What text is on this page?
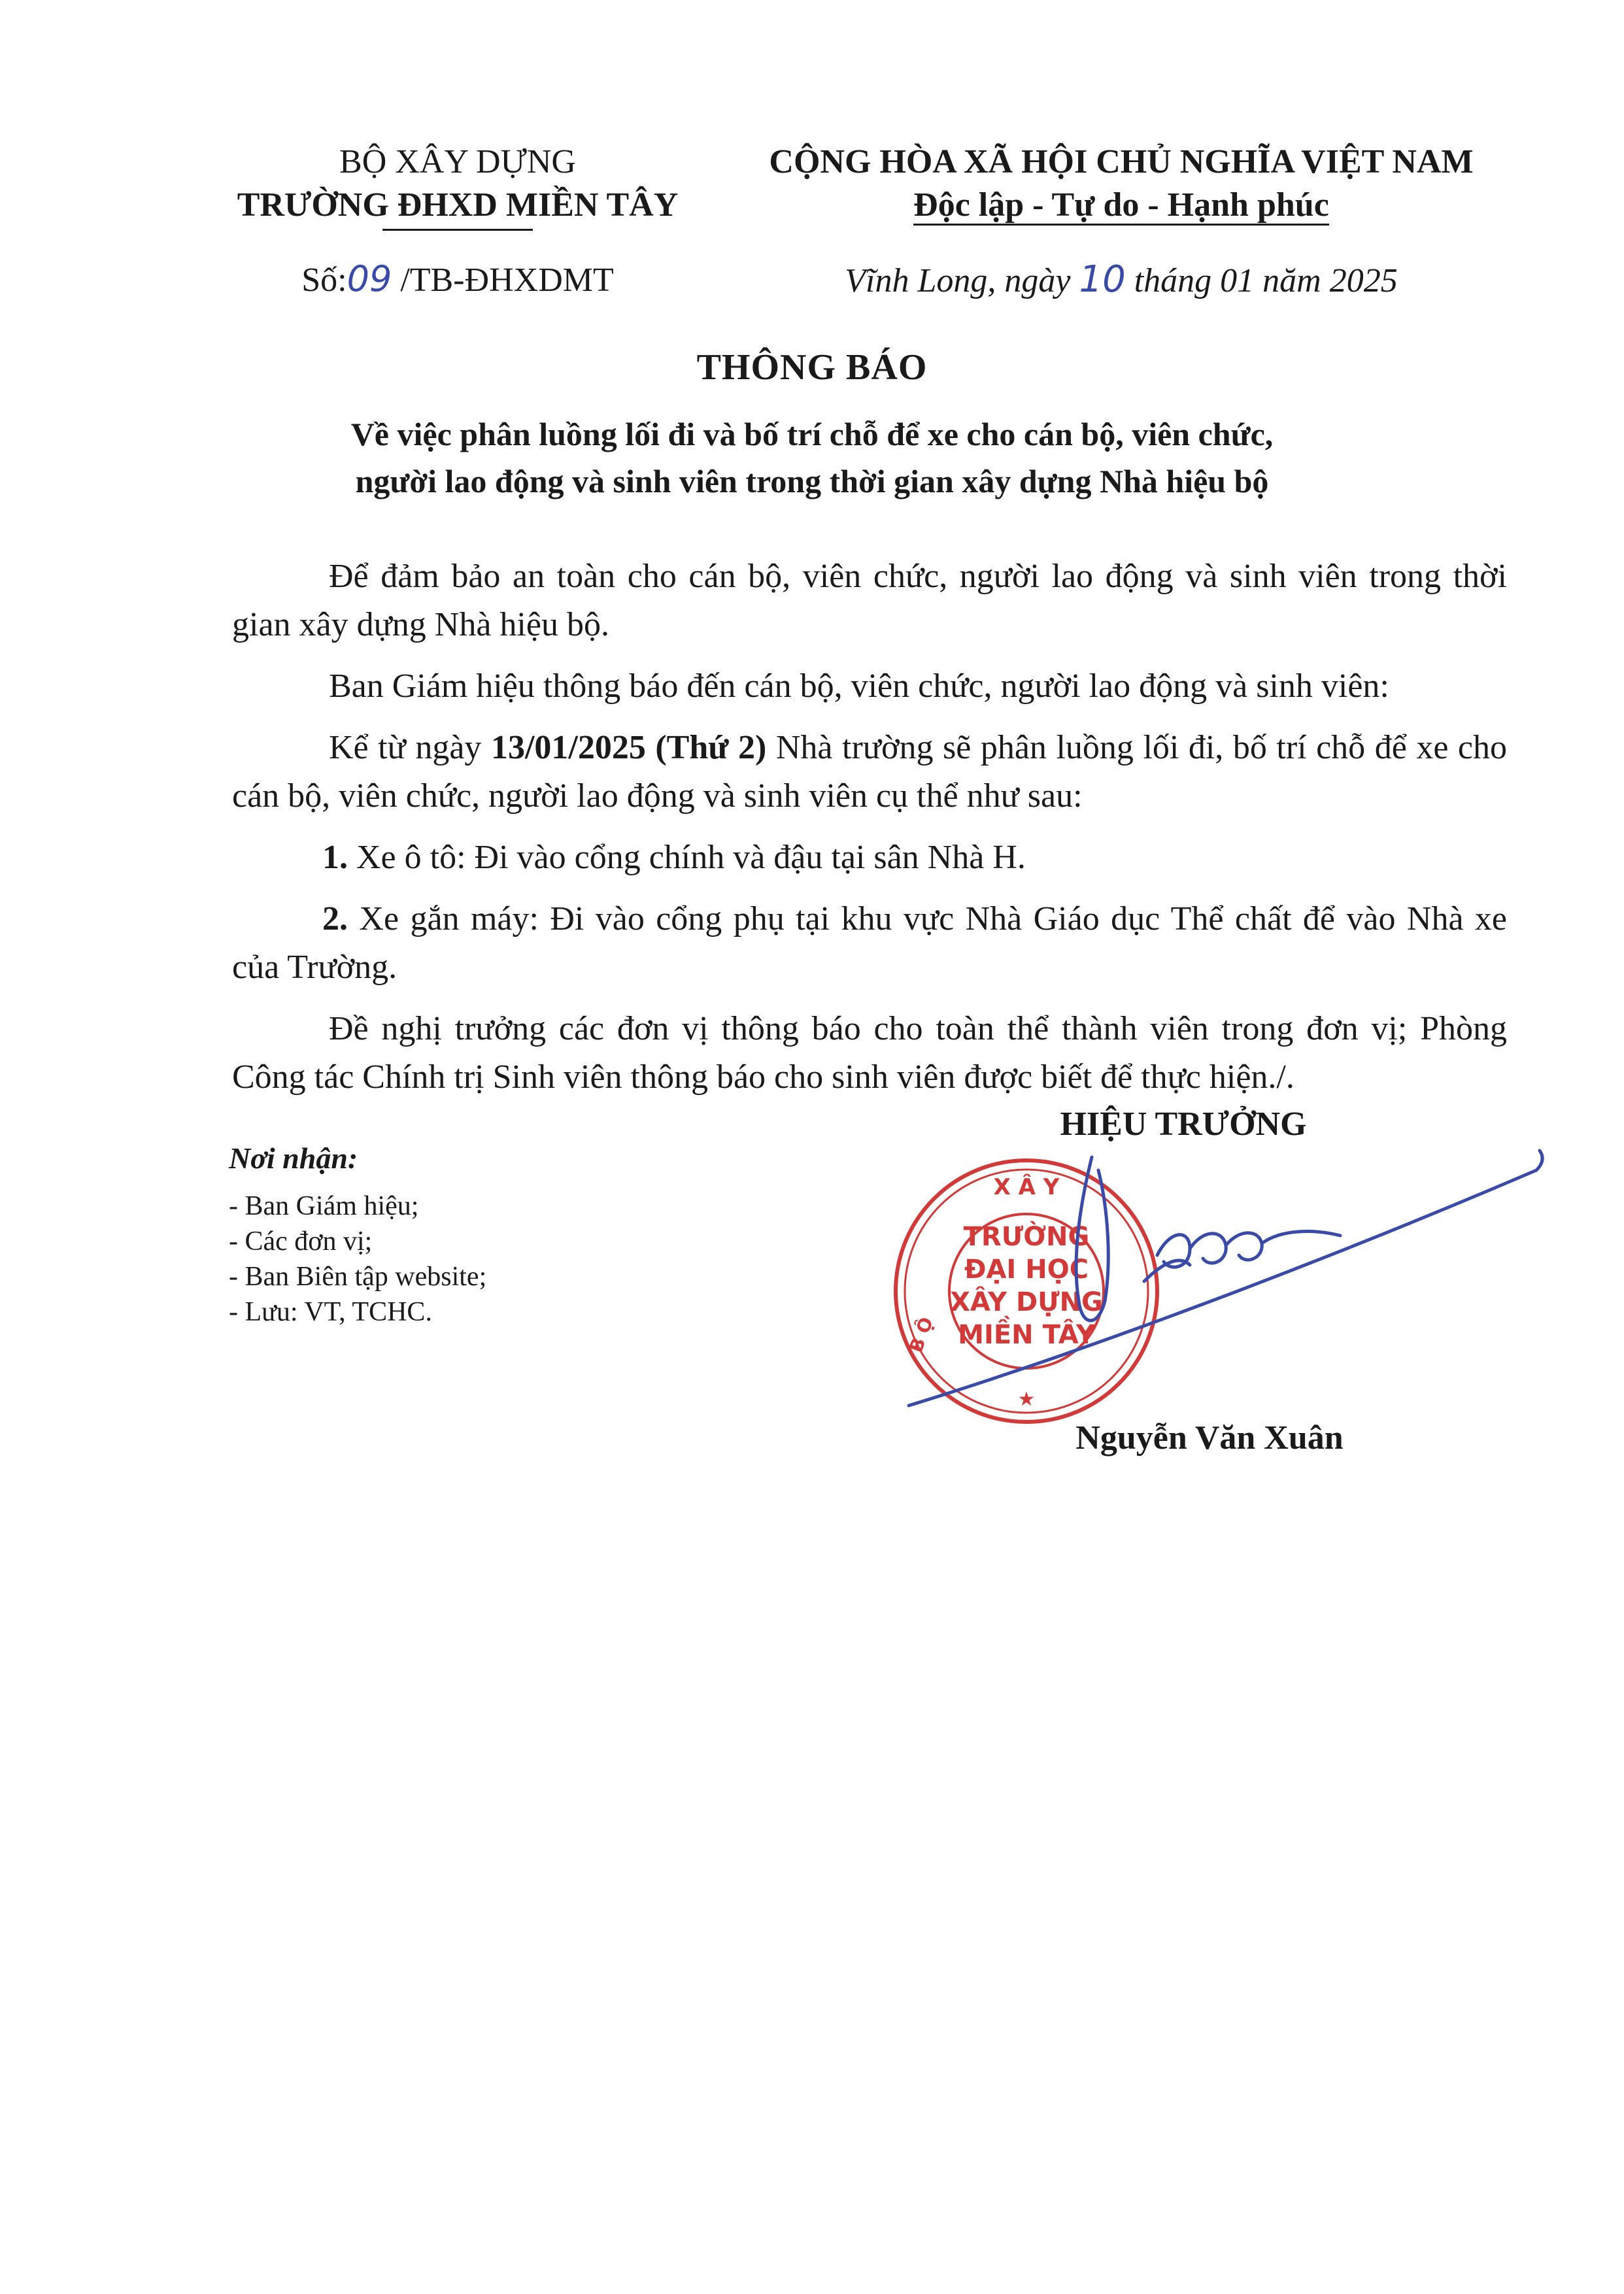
BỘ XÂY DỰNG
TRƯỜNG ĐHXD MIỀN TÂY
CỘNG HÒA XÃ HỘI CHỦ NGHĨA VIỆT NAM
Độc lập - Tự do - Hạnh phúc
Số:09 /TB-ĐHXDMT	Vĩnh Long, ngày 10 tháng 01 năm 2025
THÔNG BÁO
Về việc phân luồng lối đi và bố trí chỗ để xe cho cán bộ, viên chức,
người lao động và sinh viên trong thời gian xây dựng Nhà hiệu bộ

Để đảm bảo an toàn cho cán bộ, viên chức, người lao động và sinh viên trong thời gian xây dựng Nhà hiệu bộ.

Ban Giám hiệu thông báo đến cán bộ, viên chức, người lao động và sinh viên:

Kể từ ngày 13/01/2025 (Thứ 2) Nhà trường sẽ phân luồng lối đi, bố trí chỗ để xe cho cán bộ, viên chức, người lao động và sinh viên cụ thể như sau:

1. Xe ô tô: Đi vào cổng chính và đậu tại sân Nhà H.

2. Xe gắn máy: Đi vào cổng phụ tại khu vực Nhà Giáo dục Thể chất để vào Nhà xe của Trường.

Đề nghị trưởng các đơn vị thông báo cho toàn thể thành viên trong đơn vị; Phòng Công tác Chính trị Sinh viên thông báo cho sinh viên được biết để thực hiện./.

Nơi nhận:
- Ban Giám hiệu;
- Các đơn vị;
- Ban Biên tập website;
- Lưu: VT, TCHC.
HIỆU TRƯỞNG
TRƯỜNG
ĐẠI HỌC
XÂY DỰNG
MIỀN TÂY
X Â Y
★
B Ộ
Nguyễn Văn Xuân
